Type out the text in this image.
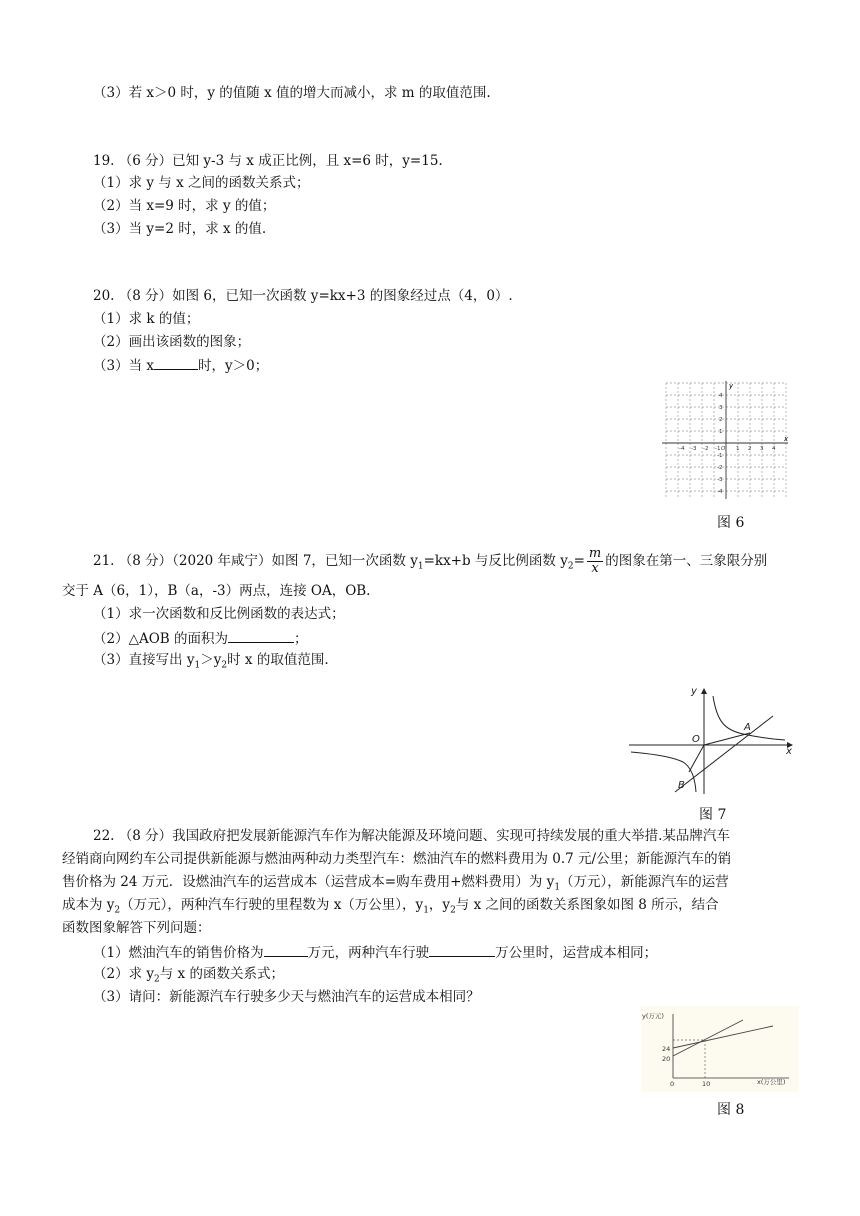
（3）若 x＞0 时，y 的值随 x 值的增大而减小，求 m 的取值范围.
19. （6 分）已知 y-3 与 x 成正比例，且 x=6 时，y=15.
（1）求 y 与 x 之间的函数关系式；
（2）当 x=9 时，求 y 的值；
（3）当 y=2 时，求 x 的值.
20. （8 分）如图 6，已知一次函数 y=kx+3 的图象经过点（4，0）.
（1）求 k 的值；
（2）画出该函数的图象；
（3）当 x	时，y＞0；
x
y
-4 -3 -2 -1 O 1 2 3 4
4
3
2
1
-1
-2
-3
-4
图 6
21. （8 分）（2020 年咸宁）如图 7，已知一次函数 $y_1=kx+b$ 与反比例函数 $y_2= \frac{m}{x}$ 的图象在第一、三象限分别
交于 A（6，1），B（a，-3）两点，连接 OA，OB.
（1）求一次函数和反比例函数的表达式；
（2）△AOB 的面积为	；
（3）直接写出 $y_1>y_2$时 x 的取值范围.
y
x
O
A
B
图 7
22. （8 分）我国政府把发展新能源汽车作为解决能源及环境问题、实现可持续发展的重大举措.某品牌汽车
经销商向网约车公司提供新能源与燃油两种动力类型汽车：燃油汽车的燃料费用为 0.7 元/公里；新能源汽车的销
售价格为 24 万元．设燃油汽车的运营成本（运营成本=购车费用+燃料费用）为 $y_1$（万元），新能源汽车的运营
成本为 $y_2$（万元），两种汽车行驶的里程数为 x（万公里），$y_1$，$y_2$与 x 之间的函数关系图象如图 8 所示，结合
函数图象解答下列问题：
（1）燃油汽车的销售价格为	万元，两种汽车行驶	万公里时，运营成本相同；
（2）求 $y_2$与 x 的函数关系式；
（3）请问：新能源汽车行驶多少天与燃油汽车的运营成本相同？
y(万元)
x(万公里)
24
20
0	10
图 8
